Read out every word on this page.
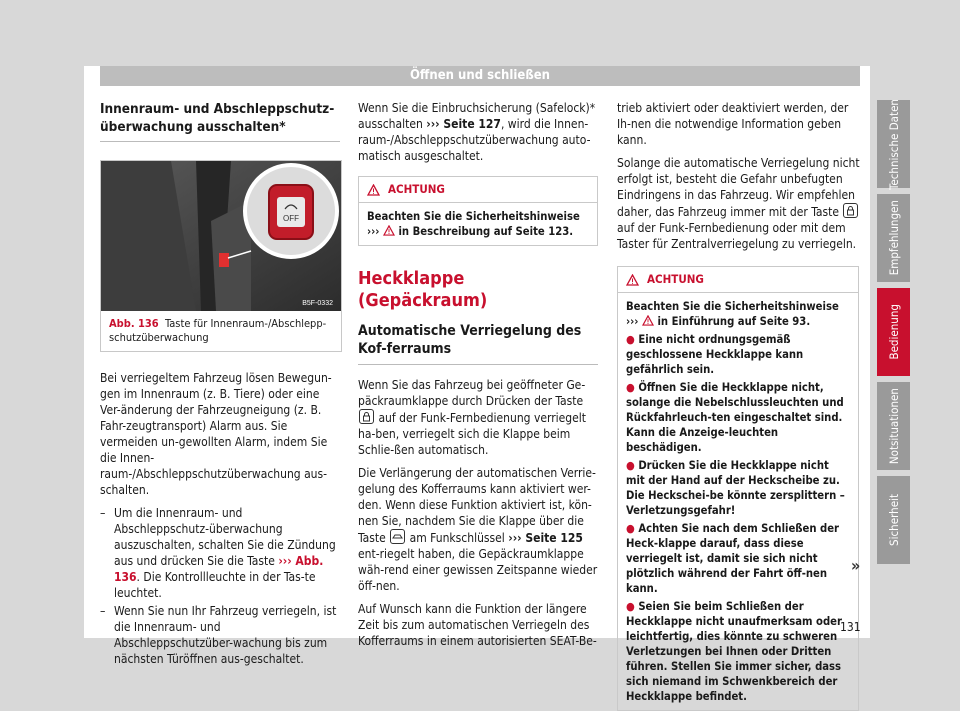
Öffnen und schließen
Innenraum- und Abschleppschutz-überwachung ausschalten*
OFF
B5F-0332
Abb. 136 Taste für Innenraum-/Abschlepp-schutzüberwachung

Bei verriegeltem Fahrzeug lösen Bewegun-gen im Innenraum (z. B. Tiere) oder eine Ver-änderung der Fahrzeugneigung (z. B. Fahr-zeugtransport) Alarm aus. Sie vermeiden un-gewollten Alarm, indem Sie die Innen-raum-/Abschleppschutzüberwachung aus-schalten.

– Um die Innenraum- und Abschleppschutz-überwachung auszuschalten, schalten Sie die Zündung aus und drücken Sie die Taste ››› Abb. 136. Die Kontrollleuchte in der Tas-te leuchtet.
– Wenn Sie nun Ihr Fahrzeug verriegeln, ist die Innenraum- und Abschleppschutzüber-wachung bis zum nächsten Türöffnen aus-geschaltet.

Wenn Sie die Einbruchsicherung (Safelock)* ausschalten ››› Seite 127, wird die Innen-raum-/Abschleppschutzüberwachung auto-matisch ausgeschaltet.

ACHTUNG
Beachten Sie die Sicherheitshinweise ››› in Beschreibung auf Seite 123.
Heckklappe (Gepäckraum)
Automatische Verriegelung des Kof-ferraums

Wenn Sie das Fahrzeug bei geöffneter Ge-päckraumklappe durch Drücken der Taste
auf der Funk-Fernbedienung verriegelt ha-ben, verriegelt sich die Klappe beim Schlie-ßen automatisch.

Die Verlängerung der automatischen Verrie-gelung des Kofferraums kann aktiviert wer-den. Wenn diese Funktion aktiviert ist, kön-nen Sie, nachdem Sie die Klappe über die Taste am Funkschlüssel ››› Seite 125 ent-riegelt haben, die Gepäckraumklappe wäh-rend einer gewissen Zeitspanne wieder öff-nen.

Auf Wunsch kann die Funktion der längere Zeit bis zum automatischen Verriegeln des Kofferraums in einem autorisierten SEAT-Be-

trieb aktiviert oder deaktiviert werden, der Ih-nen die notwendige Information geben kann.

Solange die automatische Verriegelung nicht erfolgt ist, besteht die Gefahr unbefugten Eindringens in das Fahrzeug. Wir empfehlen daher, das Fahrzeug immer mit der Taste
auf der Funk-Fernbedienung oder mit dem Taster für Zentralverriegelung zu verriegeln.

ACHTUNG
Beachten Sie die Sicherheitshinweise ››› in Einführung auf Seite 93.
● Eine nicht ordnungsgemäß geschlossene Heckklappe kann gefährlich sein.
● Öffnen Sie die Heckklappe nicht, solange die Nebelschlussleuchten und Rückfahrleuch-ten eingeschaltet sind. Kann die Anzeige-leuchten beschädigen.
● Drücken Sie die Heckklappe nicht mit der Hand auf der Heckscheibe zu. Die Heckschei-be könnte zersplittern – Verletzungsgefahr!
● Achten Sie nach dem Schließen der Heck-klappe darauf, dass diese verriegelt ist, damit sie sich nicht plötzlich während der Fahrt öff-nen kann.
● Seien Sie beim Schließen der Heckklappe nicht unaufmerksam oder leichtfertig, dies könnte zu schweren Verletzungen bei Ihnen oder Dritten führen. Stellen Sie immer sicher, dass sich niemand im Schwenkbereich der Heckklappe befindet.
»
Technische Daten
Empfehlungen
Bedienung
Notsituationen
Sicherheit
131
